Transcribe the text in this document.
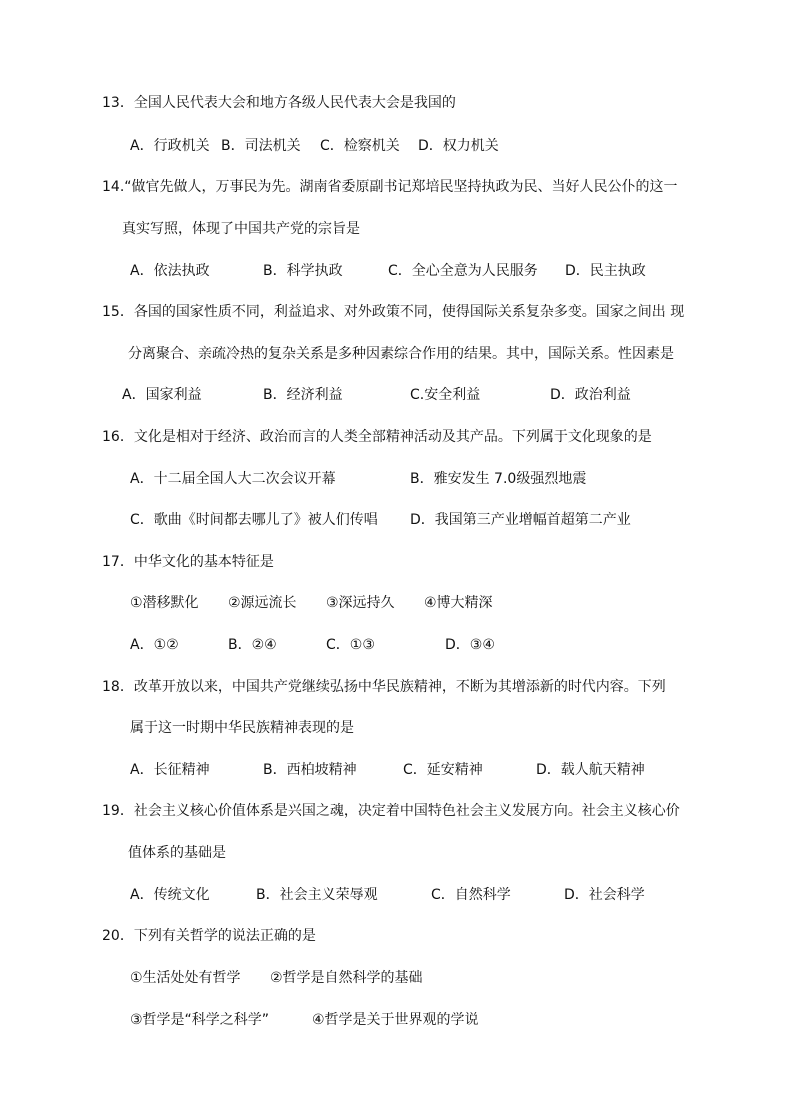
13．全国人民代表大会和地方各级人民代表大会是我国的
A．行政机关 B．司法机关 C．检察机关 D．权力机关
14.“做官先做人，万事民为先。湖南省委原副书记郑培民坚持执政为民、当好人民公仆的这一
真实写照，体现了中国共产党的宗旨是
A．依法执政	B．科学执政	C．全心全意为人民服务 D．民主执政
15．各国的国家性质不同，利益追求、对外政策不同，使得国际关系复杂多变。国家之间出 现
分离聚合、亲疏冷热的复杂关系是多种因素综合作用的结果。其中，国际关系。性因素是
A．国家利益	B．经济利益	C.安全利益	D．政治利益
16．文化是相对于经济、政治而言的人类全部精神活动及其产品。下列属于文化现象的是
A．十二届全国人大二次会议开幕	B．雅安发生 7.0级强烈地震
C．歌曲《时间都去哪儿了》被人们传唱 D．我国第三产业增幅首超第二产业
17．中华文化的基本特征是
①潜移默化 ②源远流长 ③深远持久 ④博大精深
A．①②	B．②④	C．①③	D．③④
18．改革开放以来，中国共产党继续弘扬中华民族精神，不断为其增添新的时代内容。下列
属于这一时期中华民族精神表现的是
A．长征精神	B．西柏坡精神	C．延安精神	D．载人航天精神
19．社会主义核心价值体系是兴国之魂，决定着中国特色社会主义发展方向。社会主义核心价
值体系的基础是
A．传统文化	B．社会主义荣辱观	C．自然科学	D．社会科学
20．下列有关哲学的说法正确的是
①生活处处有哲学 ②哲学是自然科学的基础
③哲学是“科学之科学”	④哲学是关于世界观的学说
